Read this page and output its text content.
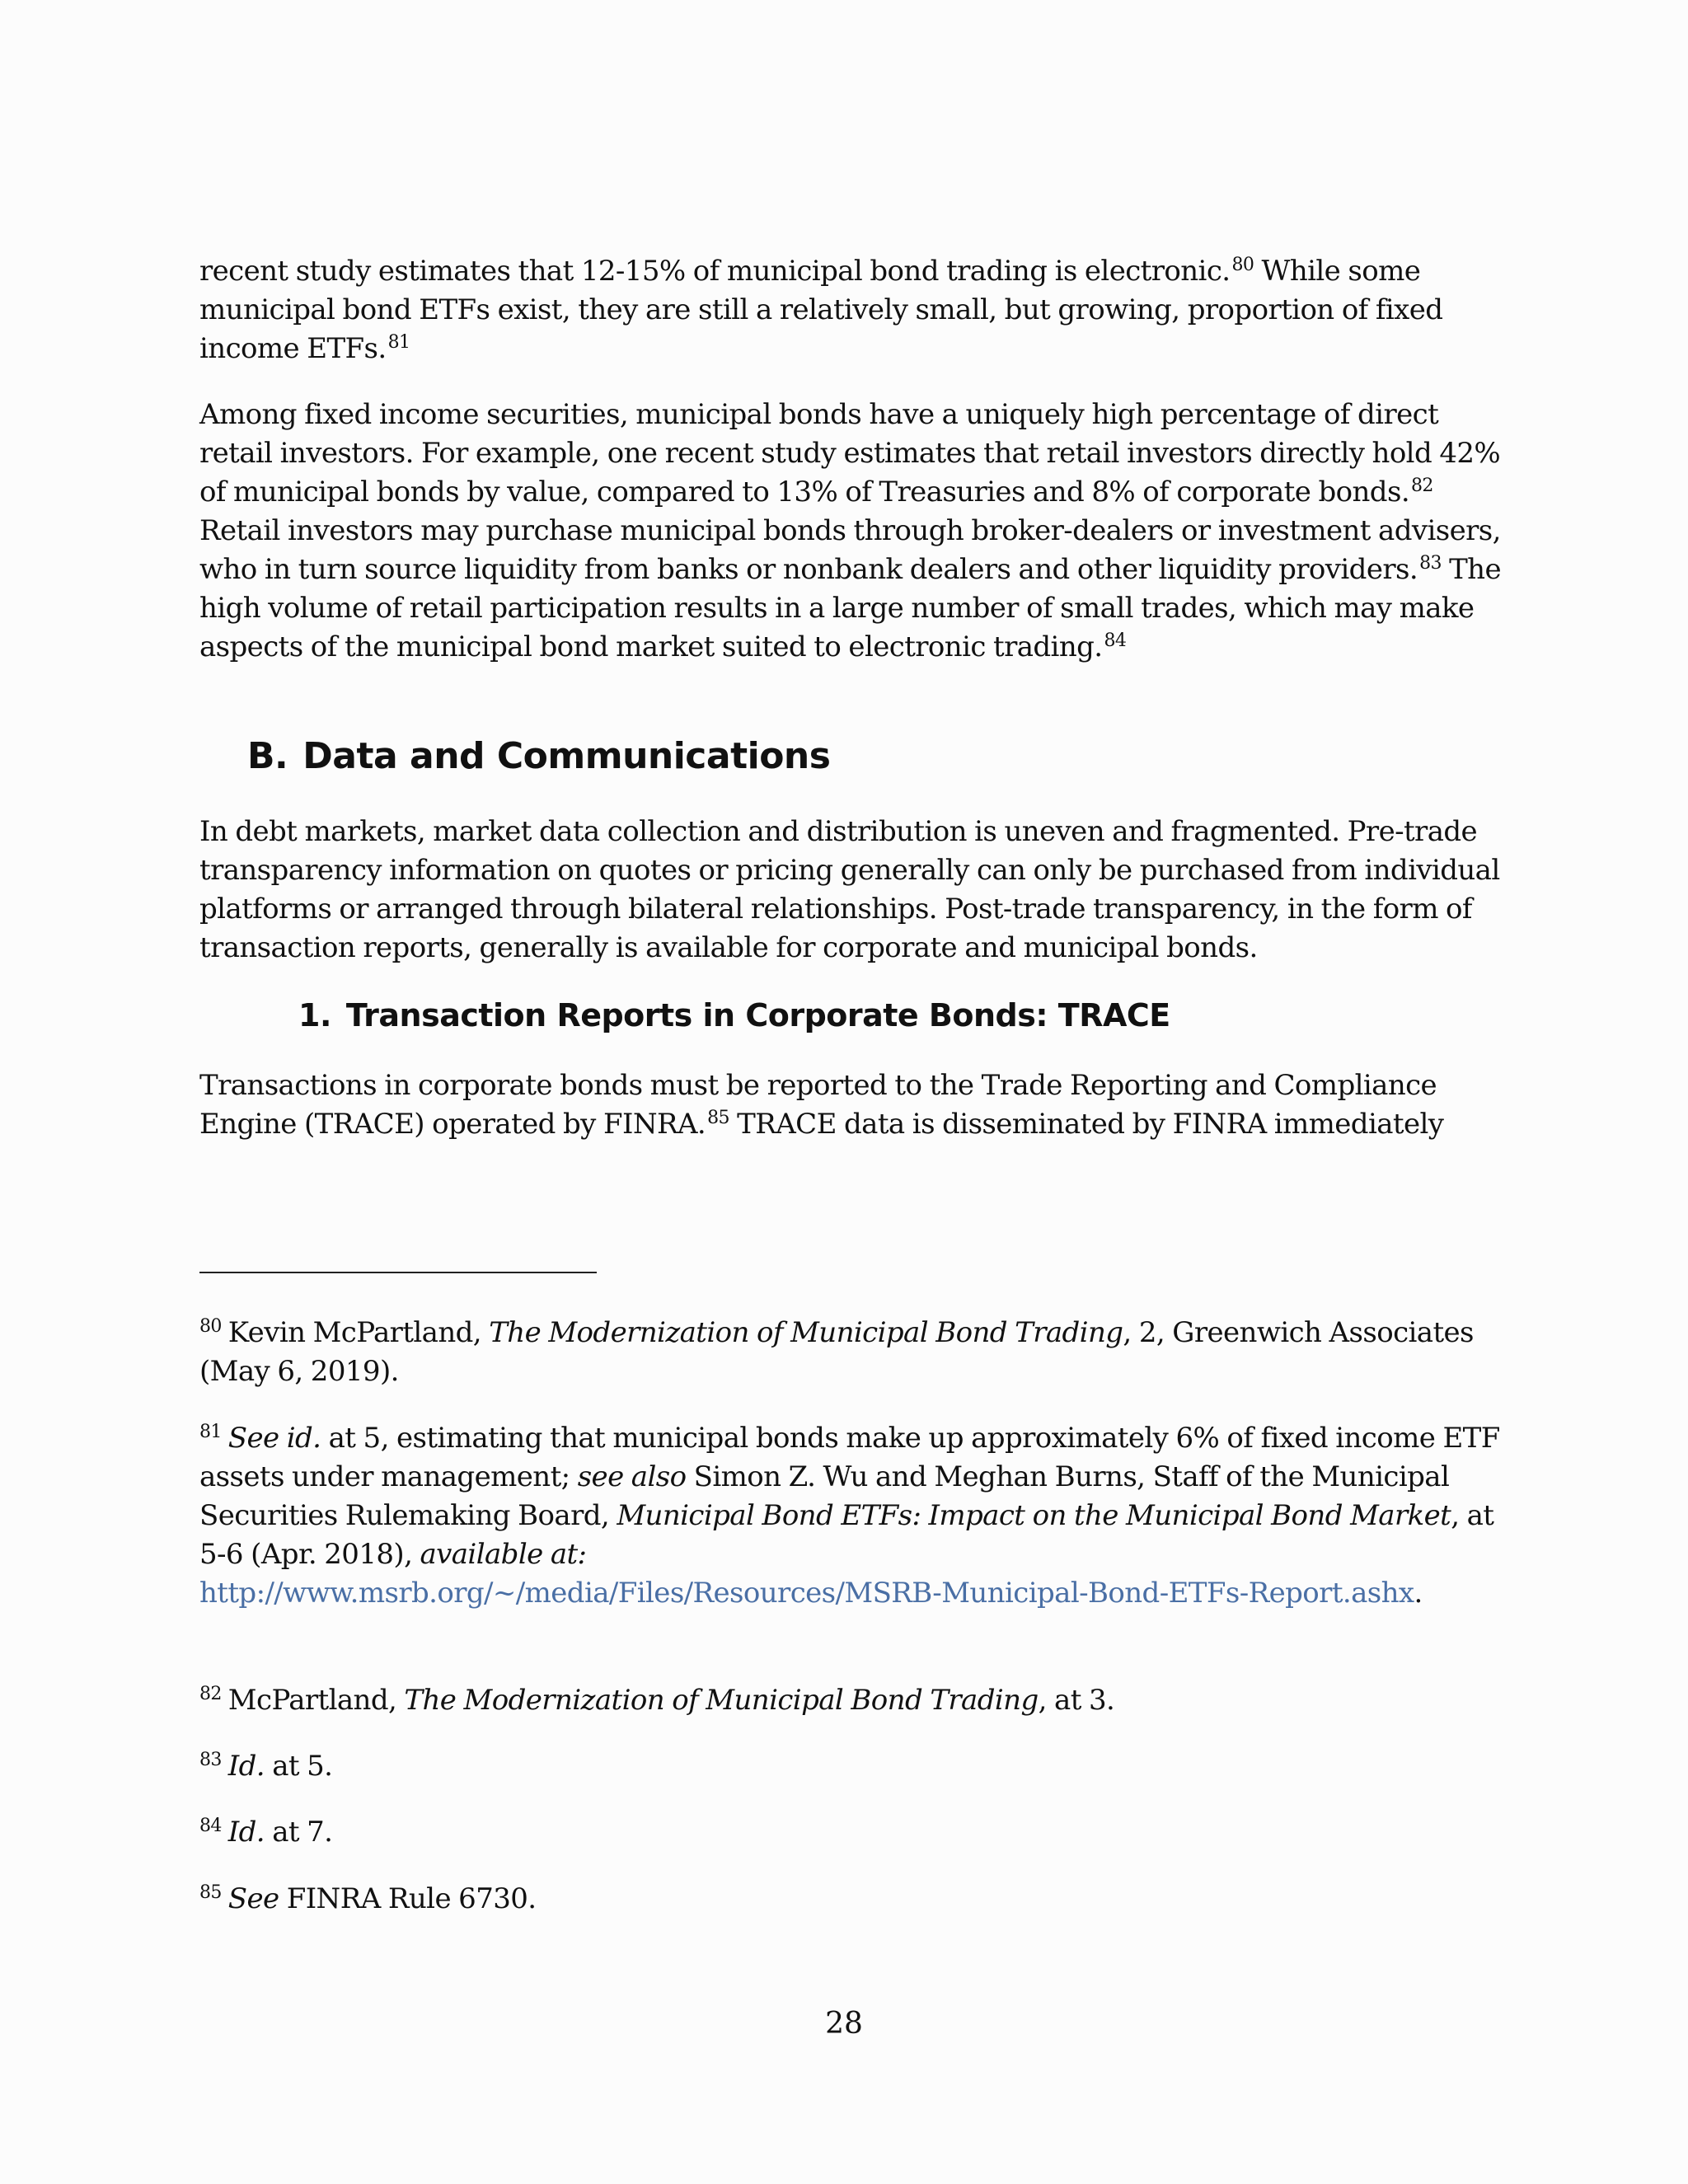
recent study estimates that 12-15% of municipal bond trading is electronic.$^{80}$ While some municipal bond ETFs exist, they are still a relatively small, but growing, proportion of fixed income ETFs.$^{81}$

Among fixed income securities, municipal bonds have a uniquely high percentage of direct retail investors. For example, one recent study estimates that retail investors directly hold 42% of municipal bonds by value, compared to 13% of Treasuries and 8% of corporate bonds.$^{82}$ Retail investors may purchase municipal bonds through broker-dealers or investment advisers, who in turn source liquidity from banks or nonbank dealers and other liquidity providers.$^{83}$ The high volume of retail participation results in a large number of small trades, which may make aspects of the municipal bond market suited to electronic trading.$^{84}$

B. Data and Communications

In debt markets, market data collection and distribution is uneven and fragmented. Pre-trade transparency information on quotes or pricing generally can only be purchased from individual platforms or arranged through bilateral relationships. Post-trade transparency, in the form of transaction reports, generally is available for corporate and municipal bonds.

1. Transaction Reports in Corporate Bonds: TRACE

Transactions in corporate bonds must be reported to the Trade Reporting and Compliance Engine (TRACE) operated by FINRA.$^{85}$ TRACE data is disseminated by FINRA immediately

$^{80}$ Kevin McPartland, The Modernization of Municipal Bond Trading, 2, Greenwich Associates (May 6, 2019).

$^{81}$ See id. at 5, estimating that municipal bonds make up approximately 6% of fixed income ETF assets under management; see also Simon Z. Wu and Meghan Burns, Staff of the Municipal Securities Rulemaking Board, Municipal Bond ETFs: Impact on the Municipal Bond Market, at 5-6 (Apr. 2018), available at:
http://www.msrb.org/~/media/Files/Resources/MSRB-Municipal-Bond-ETFs-Report.ashx.

$^{82}$ McPartland, The Modernization of Municipal Bond Trading, at 3.

$^{83}$ Id. at 5.

$^{84}$ Id. at 7.

$^{85}$ See FINRA Rule 6730.

28
